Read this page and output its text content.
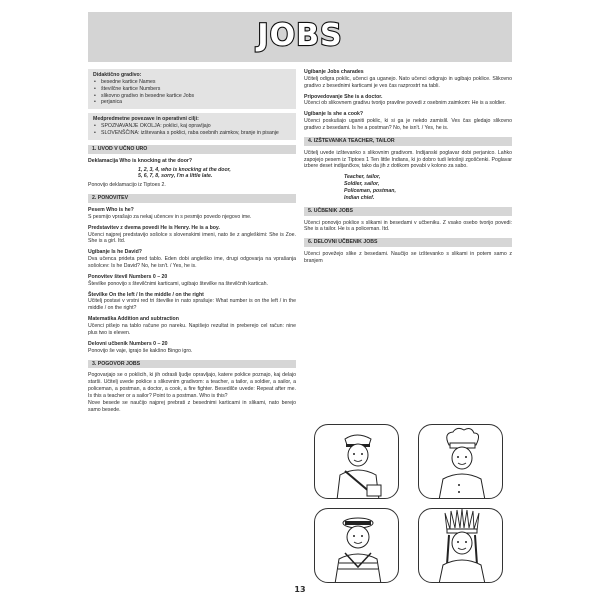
JOBS
Didaktično gradivo:
• besedne kartice Names
• številčne kartice Numbers
• slikovno gradivo in besedne kartice Jobs
• perjanica
Medpredmetne povezave in operativni cilji:
• SPOZNAVANJE OKOLJA: poklici, kaj opravljajo
• SLOVENŠČINA: izštevanka s poklici, raba osebnih zaimkov, branje in pisanje
1. UVOD V UČNO URO
Deklamacija Who is knocking at the door?
1, 2, 3, 4, who is knocking at the door,
5, 6, 7, 8, sorry, I'm a little late.

Ponovijo deklamacijo iz Tiptoes 2.

2. PONOVITEV
Pesem Who is he?

S pesmijo vprašajo za nekaj učencev in s pesmijo povedo njegovo ime.

Predstavitev z dvema povedi He is Henry. He is a boy.

Učenci najprej predstavijo sošolce s slovenskimi imeni, nato še z angleškimi: She is Zoe. She is a girl. Itd.

Ugibanje Is he David?

Dva učenca prideta pred tablo. Eden dobi angleško ime, drugi odgovarja na vprašanja sošolcev: Is he David? No, he isn't. / Yes, he is.

Ponovitev števil Numbers 0 – 20

Številke ponovijo s številčnimi karticami, ugibajo številke na številčnih karticah.

Številke On the left / In the middle / on the right

Učitelj postavi v vrstni red tri številke in nato sprašuje: What number is on the left / in the middle / on the right?

Matematika Addition and subtraction

Učenci pišejo na tablo račune po nareku. Napišejo rezultat in preberejo cel račun: nine plus two is eleven.

Delovni učbenik Numbers 0 – 20

Ponovijo še vaje, igrajo še kakšno Bingo igro.

3. POGOVOR JOBS

Pogovarjajo se o poklicih, ki jih odrasli ljudje opravljajo, katere poklice poznajo, kaj delajo starši. Učitelj uvede poklice s slikovnim gradivom: a teacher, a tailor, a soldier, a sailor, a policeman, a postman, a doctor, a cook, a fire fighter. Besedilče uvede: Repeat after me. Is this a teacher or a sailor? Point to a postman. Who is this?

Nove besede se naučijo najprej prebrati z besednimi karticami in slikami, nato berejo samo besede.

Ugibanje Jobs charades

Učitelj odigra poklic, učenci ga uganejo. Nato učenci odigrajo in ugibajo poklice. Slikovno gradivo z besednimi karticami je ves čas razprostrt na tabli.

Pripovedovanje She is a doctor.

Učenci ob slikovnem gradivu tvorijo pravilne povedi z osebnim zaimkom: He is a soldier.

Ugibanje Is she a cook?

Učenci poskušajo uganiti poklic, ki si ga je nekdo zamislil. Ves čas gledajo slikovno gradivo z besedami. Is he a postman? No, he isn't. / Yes, he is.

4. IZŠTEVANKA TEACHER, TAILOR

Učitelj uvede izštevanko s slikovnim gradivom. Indijanski poglavar dobi perjanico. Lahko zapojejo pesem iz Tiptoes 1 Ten little Indians, ki jo dobro tudi letošnji zgoščenki. Poglavar izbere deset indijančkov, tako da jih z dotikom povabi v kolono za sabo.

Teacher, tailor,
Soldier, sailor,
Policeman, postman,
Indian chief.
5. UČBENIK JOBS

Učenci ponovijo poklice s slikami in besedami v učbeniku. Z vsako osebo tvorijo povedi: She is a tailor. He is a policeman. Itd.

6. DELOVNI UČBENIK JOBS

Učenci povežejo slike z besedami. Naučijo se izštevanko s slikami in potem samo z branjem

13
